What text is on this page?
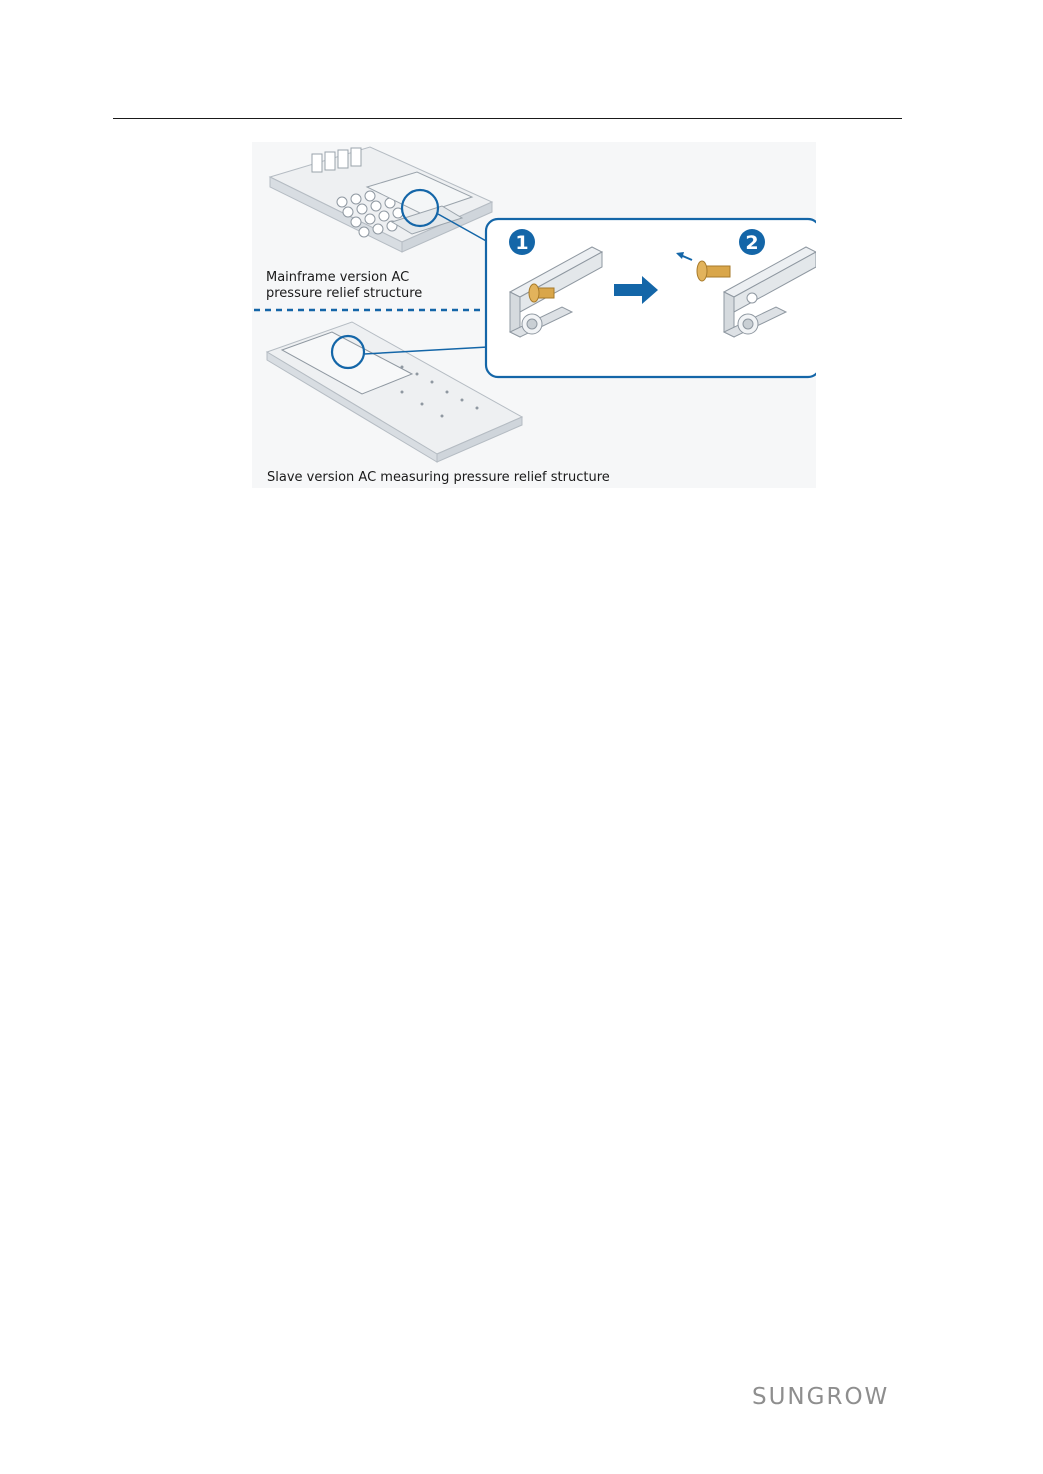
1	2
Mainframe version AC pressure relief structure
Slave version AC measuring pressure relief structure
SUNGROW
